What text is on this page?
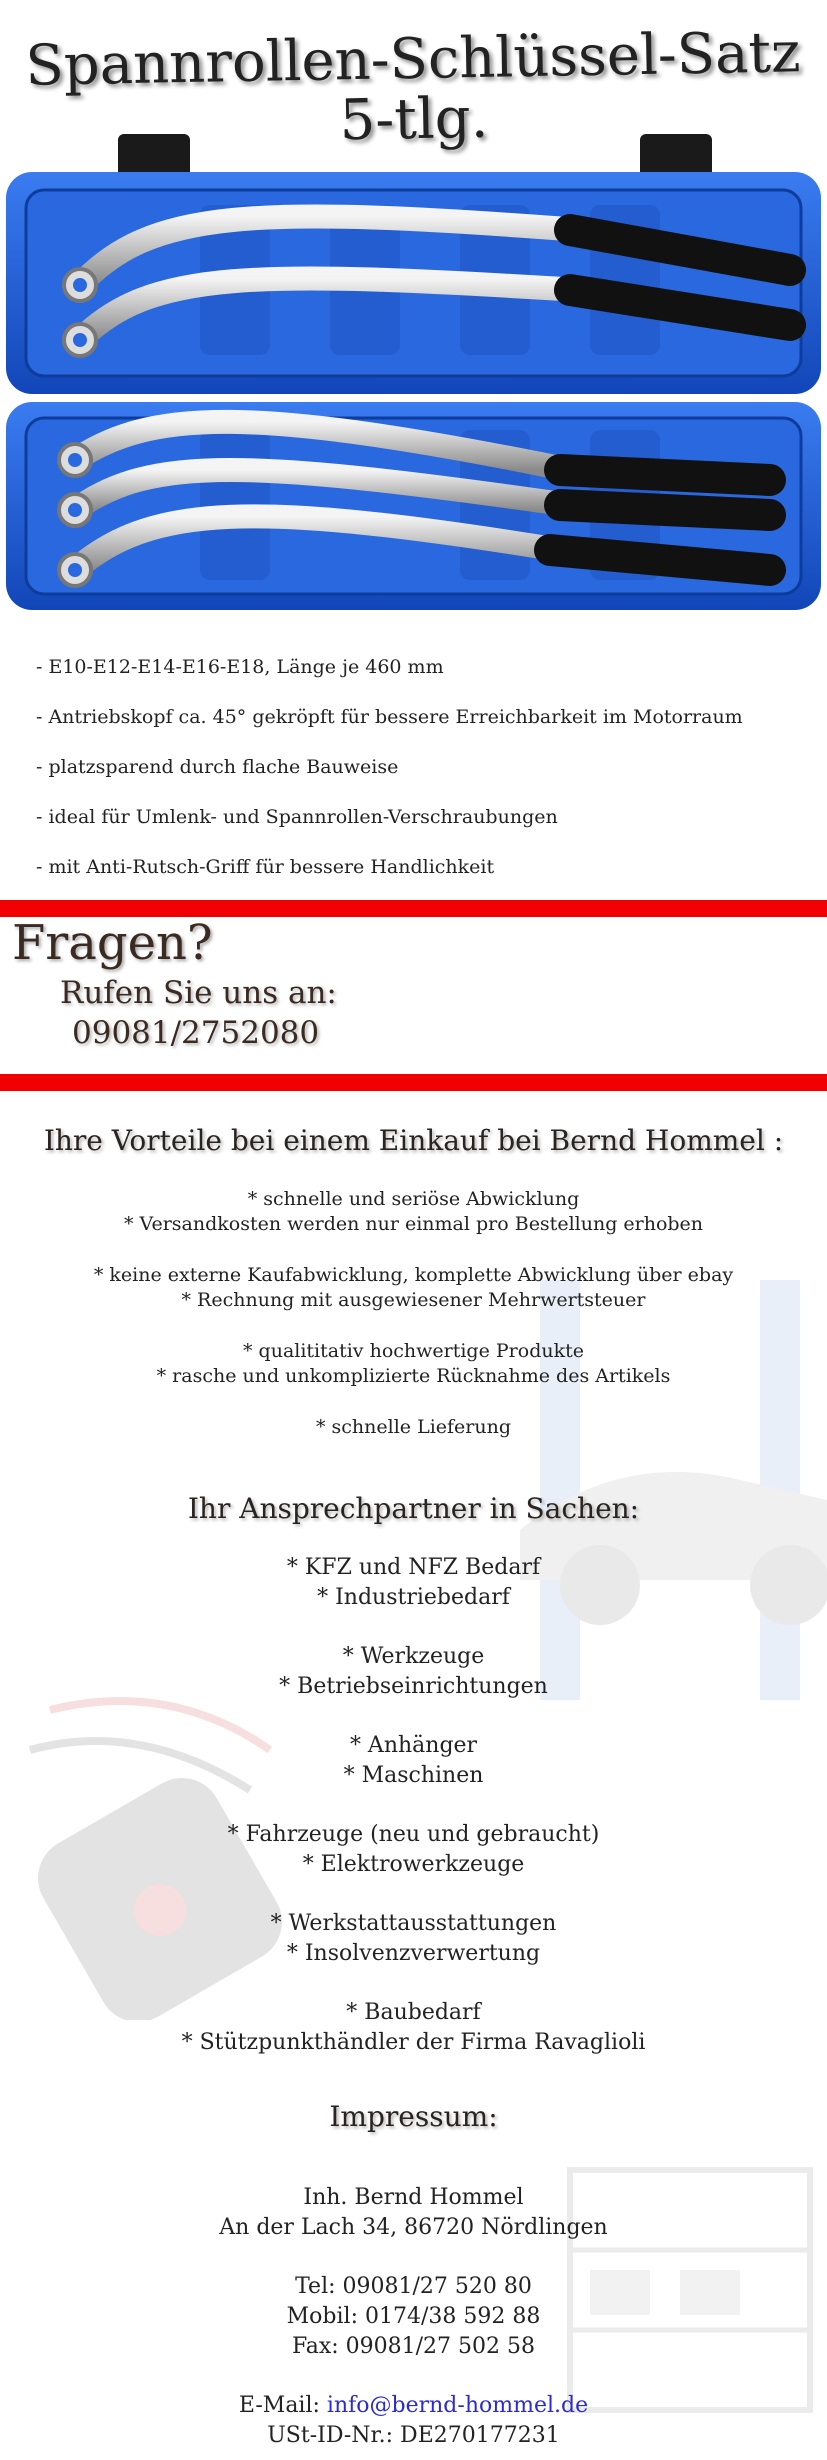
Spannrollen-Schlüssel-Satz
5-tlg.
- E10-E12-E14-E16-E18, Länge je 460 mm
- Antriebskopf ca. 45° gekröpft für bessere Erreichbarkeit im Motorraum
- platzsparend durch flache Bauweise
- ideal für Umlenk- und Spannrollen-Verschraubungen
- mit Anti-Rutsch-Griff für bessere Handlichkeit
Fragen?
Rufen Sie uns an:
09081/2752080
Ihre Vorteile bei einem Einkauf bei Bernd Hommel :
* schnelle und seriöse Abwicklung
* Versandkosten werden nur einmal pro Bestellung erhoben
* keine externe Kaufabwicklung, komplette Abwicklung über ebay
* Rechnung mit ausgewiesener Mehrwertsteuer
* qualititativ hochwertige Produkte
* rasche und unkomplizierte Rücknahme des Artikels
* schnelle Lieferung
Ihr Ansprechpartner in Sachen:
* KFZ und NFZ Bedarf
* Industriebedarf
* Werkzeuge
* Betriebseinrichtungen
* Anhänger
* Maschinen
* Fahrzeuge (neu und gebraucht)
* Elektrowerkzeuge
* Werkstattausstattungen
* Insolvenzverwertung
* Baubedarf
* Stützpunkthändler der Firma Ravaglioli
Impressum:
Inh. Bernd Hommel
An der Lach 34, 86720 Nördlingen
Tel: 09081/27 520 80
Mobil: 0174/38 592 88
Fax: 09081/27 502 58
E-Mail: info@bernd-hommel.de
USt-ID-Nr.: DE270177231
